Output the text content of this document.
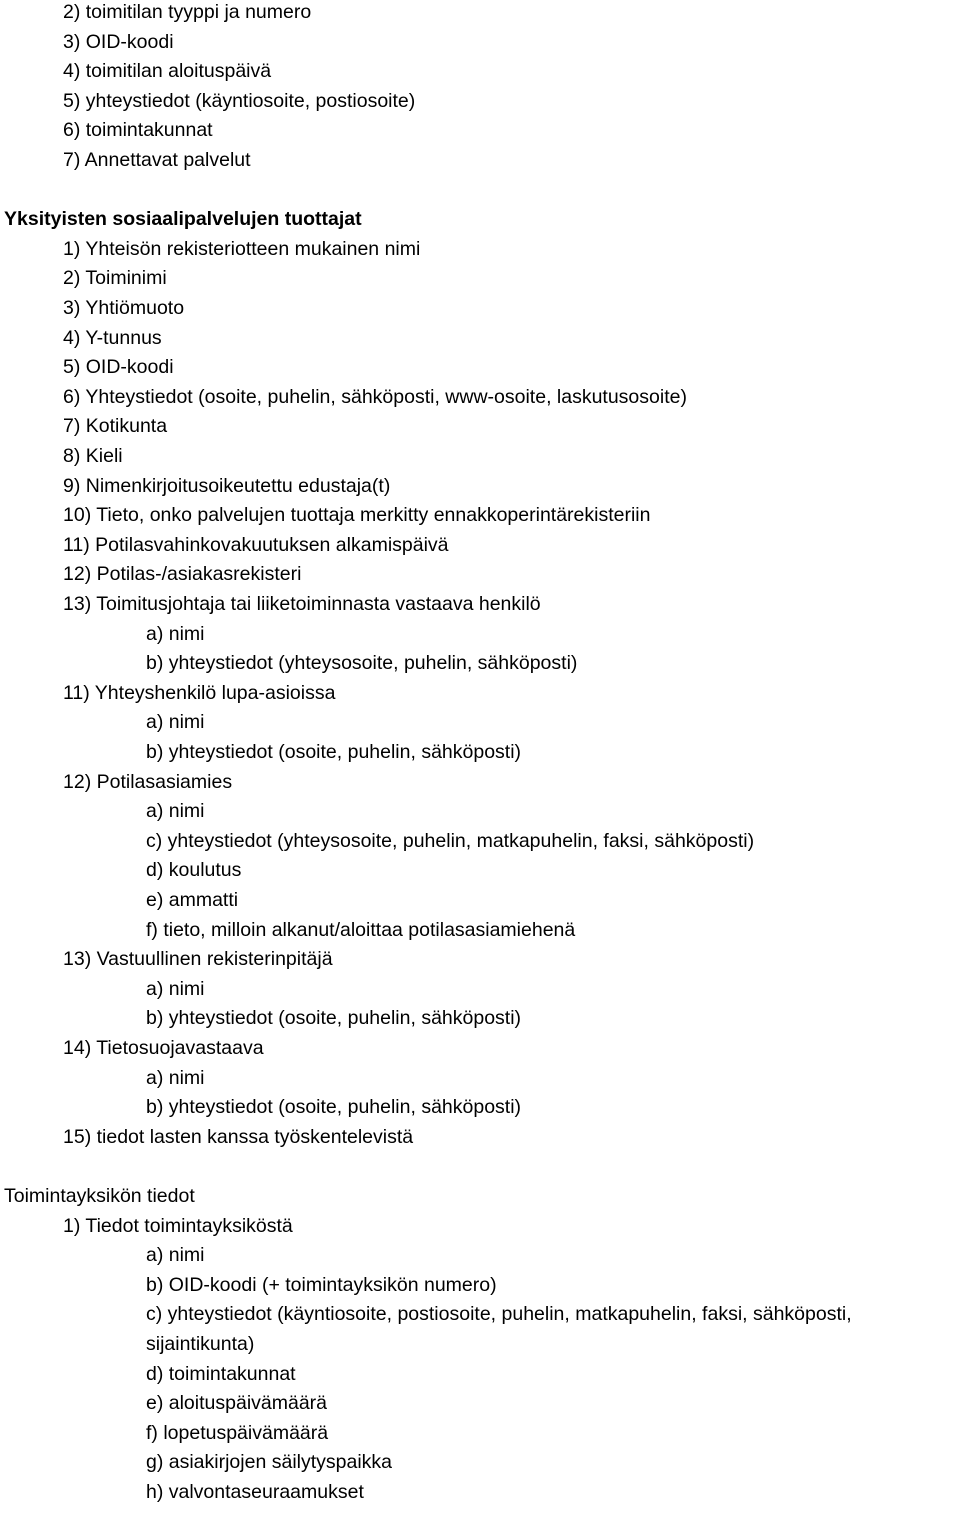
2) toimitilan tyyppi ja numero
3) OID-koodi
4) toimitilan aloituspäivä
5) yhteystiedot (käyntiosoite, postiosoite)
6) toimintakunnat
7) Annettavat palvelut
Yksityisten sosiaalipalvelujen tuottajat
1) Yhteisön rekisteriotteen mukainen nimi
2) Toiminimi
3) Yhtiömuoto
4) Y-tunnus
5) OID-koodi
6) Yhteystiedot (osoite, puhelin, sähköposti, www-osoite, laskutusosoite)
7) Kotikunta
8) Kieli
9) Nimenkirjoitusoikeutettu edustaja(t)
10) Tieto, onko palvelujen tuottaja merkitty ennakkoperintärekisteriin
11) Potilasvahinkovakuutuksen alkamispäivä
12) Potilas-/asiakasrekisteri
13) Toimitusjohtaja tai liiketoiminnasta vastaava henkilö
a) nimi
b) yhteystiedot (yhteysosoite, puhelin, sähköposti)
11) Yhteyshenkilö lupa-asioissa
a) nimi
b) yhteystiedot (osoite, puhelin, sähköposti)
12) Potilasasiamies
a) nimi
c) yhteystiedot (yhteysosoite, puhelin, matkapuhelin, faksi, sähköposti)
d) koulutus
e) ammatti
f) tieto, milloin alkanut/aloittaa potilasasiamiehenä
13) Vastuullinen rekisterinpitäjä
a) nimi
b) yhteystiedot (osoite, puhelin, sähköposti)
14) Tietosuojavastaava
a) nimi
b) yhteystiedot (osoite, puhelin, sähköposti)
15) tiedot lasten kanssa työskentelevistä
Toimintayksikön tiedot
1) Tiedot toimintayksiköstä
a) nimi
b) OID-koodi (+ toimintayksikön numero)
c) yhteystiedot (käyntiosoite, postiosoite, puhelin, matkapuhelin, faksi, sähköposti,
sijaintikunta)
d) toimintakunnat
e) aloituspäivämäärä
f) lopetuspäivämäärä
g) asiakirjojen säilytyspaikka
h) valvontaseuraamukset
